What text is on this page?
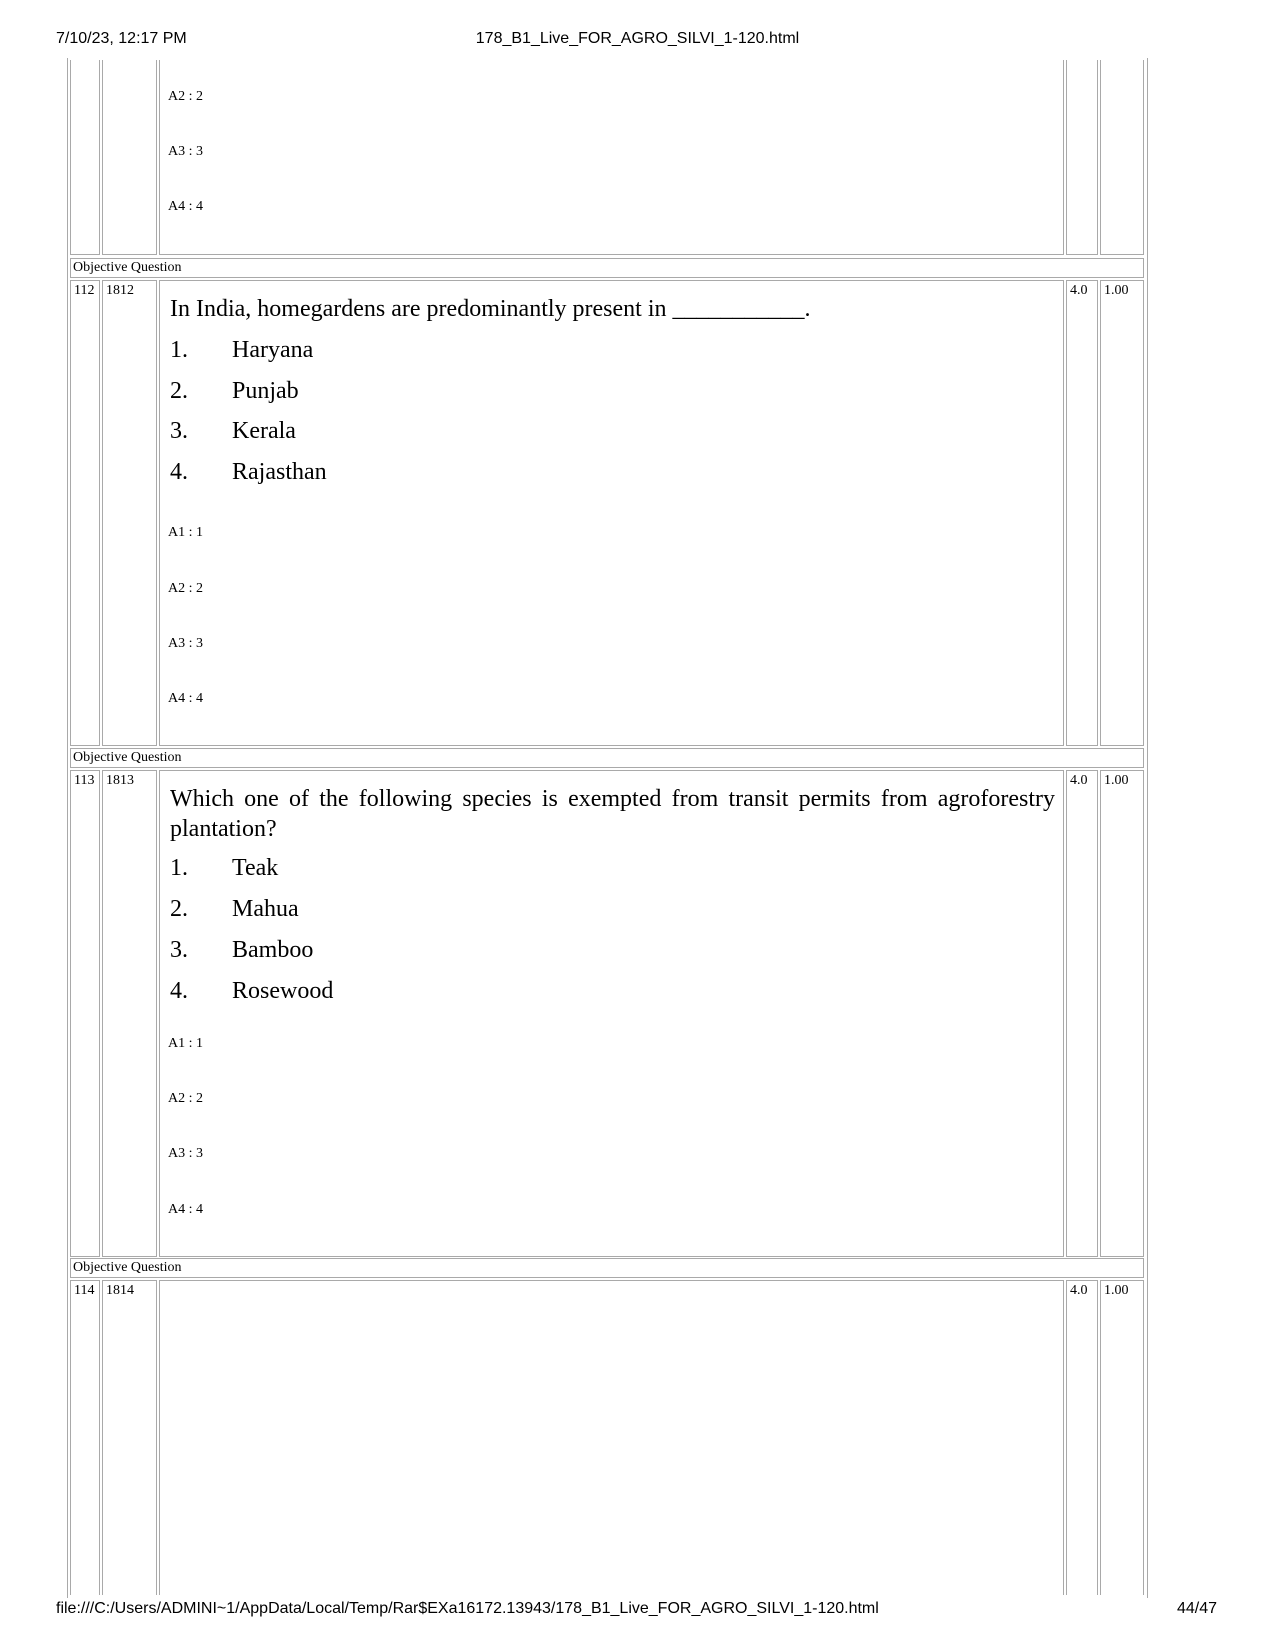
7/10/23, 12:17 PM	178_B1_Live_FOR_AGRO_SILVI_1-120.html
A2 : 2
A3 : 3
A4 : 4
Objective Question
112 1812
In India, homegardens are predominantly present in ___________.
1. Haryana
2. Punjab
3. Kerala
4. Rajasthan
A1 : 1
A2 : 2
A3 : 3
A4 : 4
4.0	1.00
Objective Question
113 1813
Which one of the following species is exempted from transit permits from agroforestry plantation?
1. Teak
2. Mahua
3. Bamboo
4. Rosewood
A1 : 1
A2 : 2
A3 : 3
A4 : 4
4.0	1.00
Objective Question
114 1814	4.0	1.00
file:///C:/Users/ADMINI~1/AppData/Local/Temp/Rar$EXa16172.13943/178_B1_Live_FOR_AGRO_SILVI_1-120.html	44/47
